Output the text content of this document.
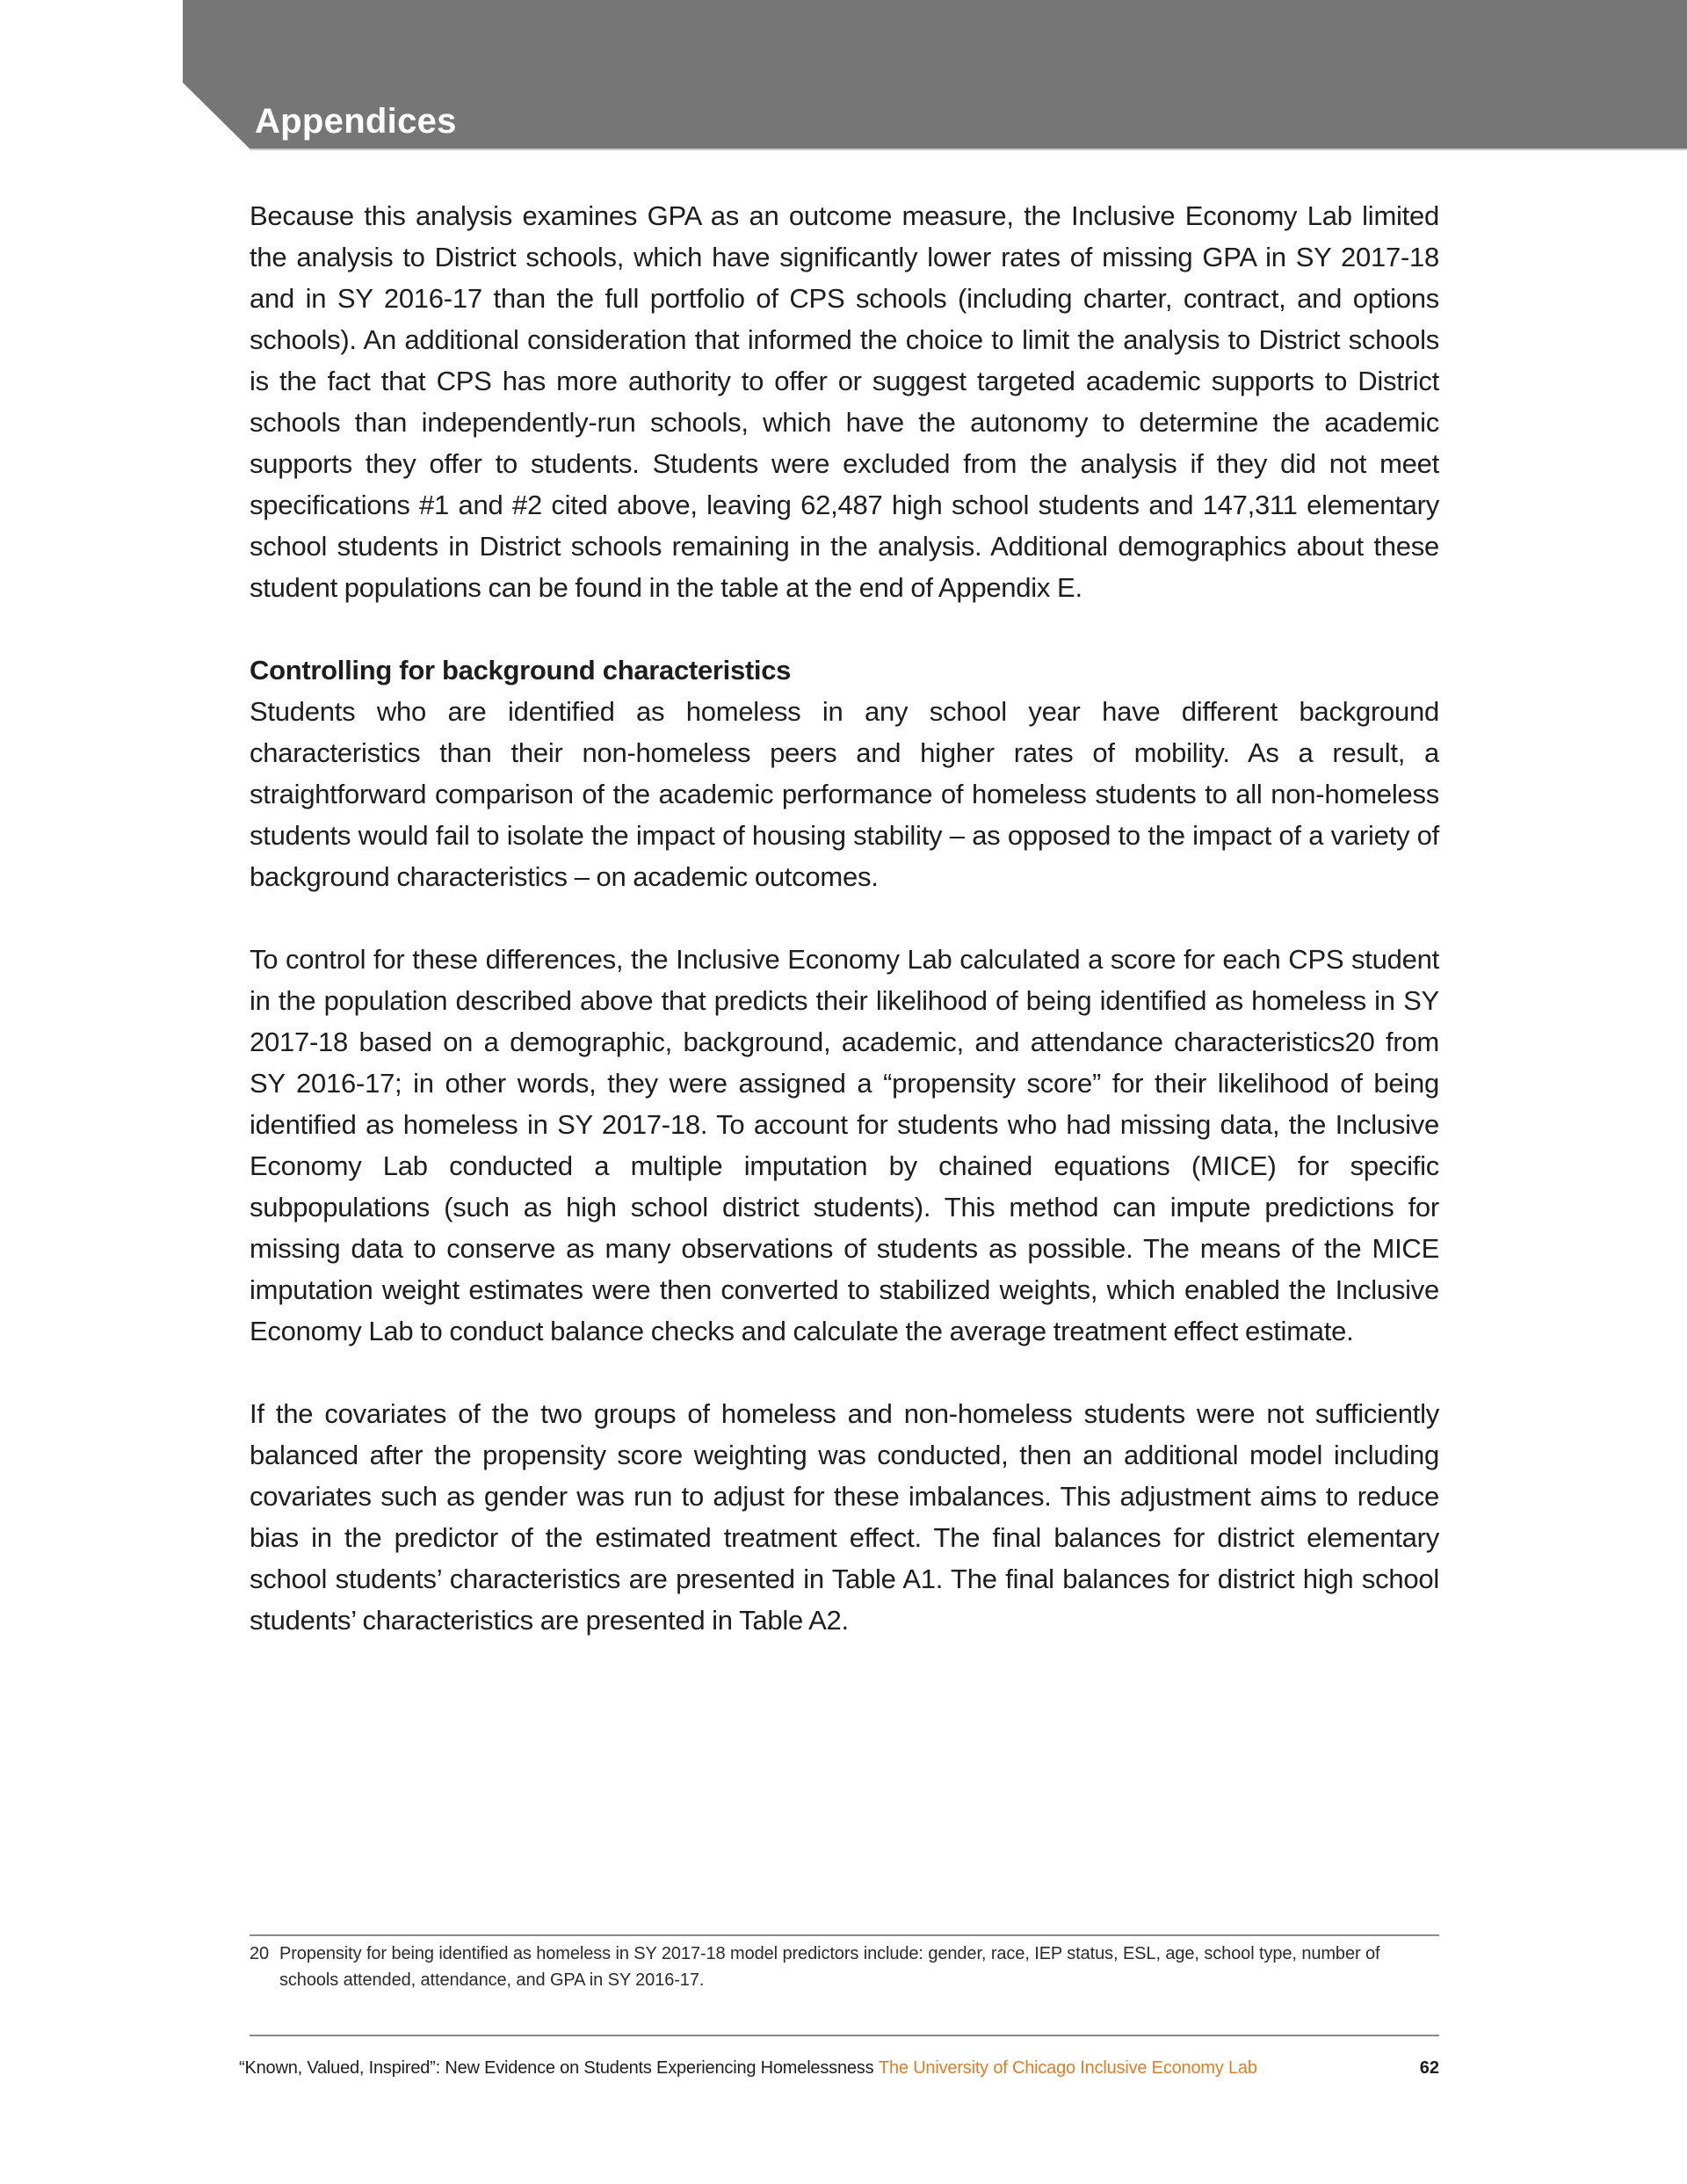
Appendices

Because this analysis examines GPA as an outcome measure, the Inclusive Economy Lab limited the analysis to District schools, which have significantly lower rates of missing GPA in SY 2017-18 and in SY 2016-17 than the full portfolio of CPS schools (including charter, contract, and options schools). An additional consideration that informed the choice to limit the analysis to District schools is the fact that CPS has more authority to offer or suggest targeted academic supports to District schools than independently-run schools, which have the autonomy to determine the academic supports they offer to students. Students were excluded from the analysis if they did not meet specifications #1 and #2 cited above, leaving 62,487 high school students and 147,311 elementary school students in District schools remaining in the analysis. Additional demographics about these student populations can be found in the table at the end of Appendix E.

Controlling for background characteristics

Students who are identified as homeless in any school year have different background characteristics than their non-homeless peers and higher rates of mobility. As a result, a straightforward comparison of the academic performance of homeless students to all non-homeless students would fail to isolate the impact of housing stability – as opposed to the impact of a variety of background characteristics – on academic outcomes.

To control for these differences, the Inclusive Economy Lab calculated a score for each CPS student in the population described above that predicts their likelihood of being identified as homeless in SY 2017-18 based on a demographic, background, academic, and attendance characteristics20 from SY 2016-17; in other words, they were assigned a “propensity score” for their likelihood of being identified as homeless in SY 2017-18. To account for students who had missing data, the Inclusive Economy Lab conducted a multiple imputation by chained equations (MICE) for specific subpopulations (such as high school district students). This method can impute predictions for missing data to conserve as many observations of students as possible. The means of the MICE imputation weight estimates were then converted to stabilized weights, which enabled the Inclusive Economy Lab to conduct balance checks and calculate the average treatment effect estimate.

If the covariates of the two groups of homeless and non-homeless students were not sufficiently balanced after the propensity score weighting was conducted, then an additional model including covariates such as gender was run to adjust for these imbalances. This adjustment aims to reduce bias in the predictor of the estimated treatment effect. The final balances for district elementary school students’ characteristics are presented in Table A1. The final balances for district high school students’ characteristics are presented in Table A2.

20 Propensity for being identified as homeless in SY 2017-18 model predictors include: gender, race, IEP status, ESL, age, school type, number of schools attended, attendance, and GPA in SY 2016-17.
“Known, Valued, Inspired”: New Evidence on Students Experiencing Homelessness The University of Chicago Inclusive Economy Lab	62
